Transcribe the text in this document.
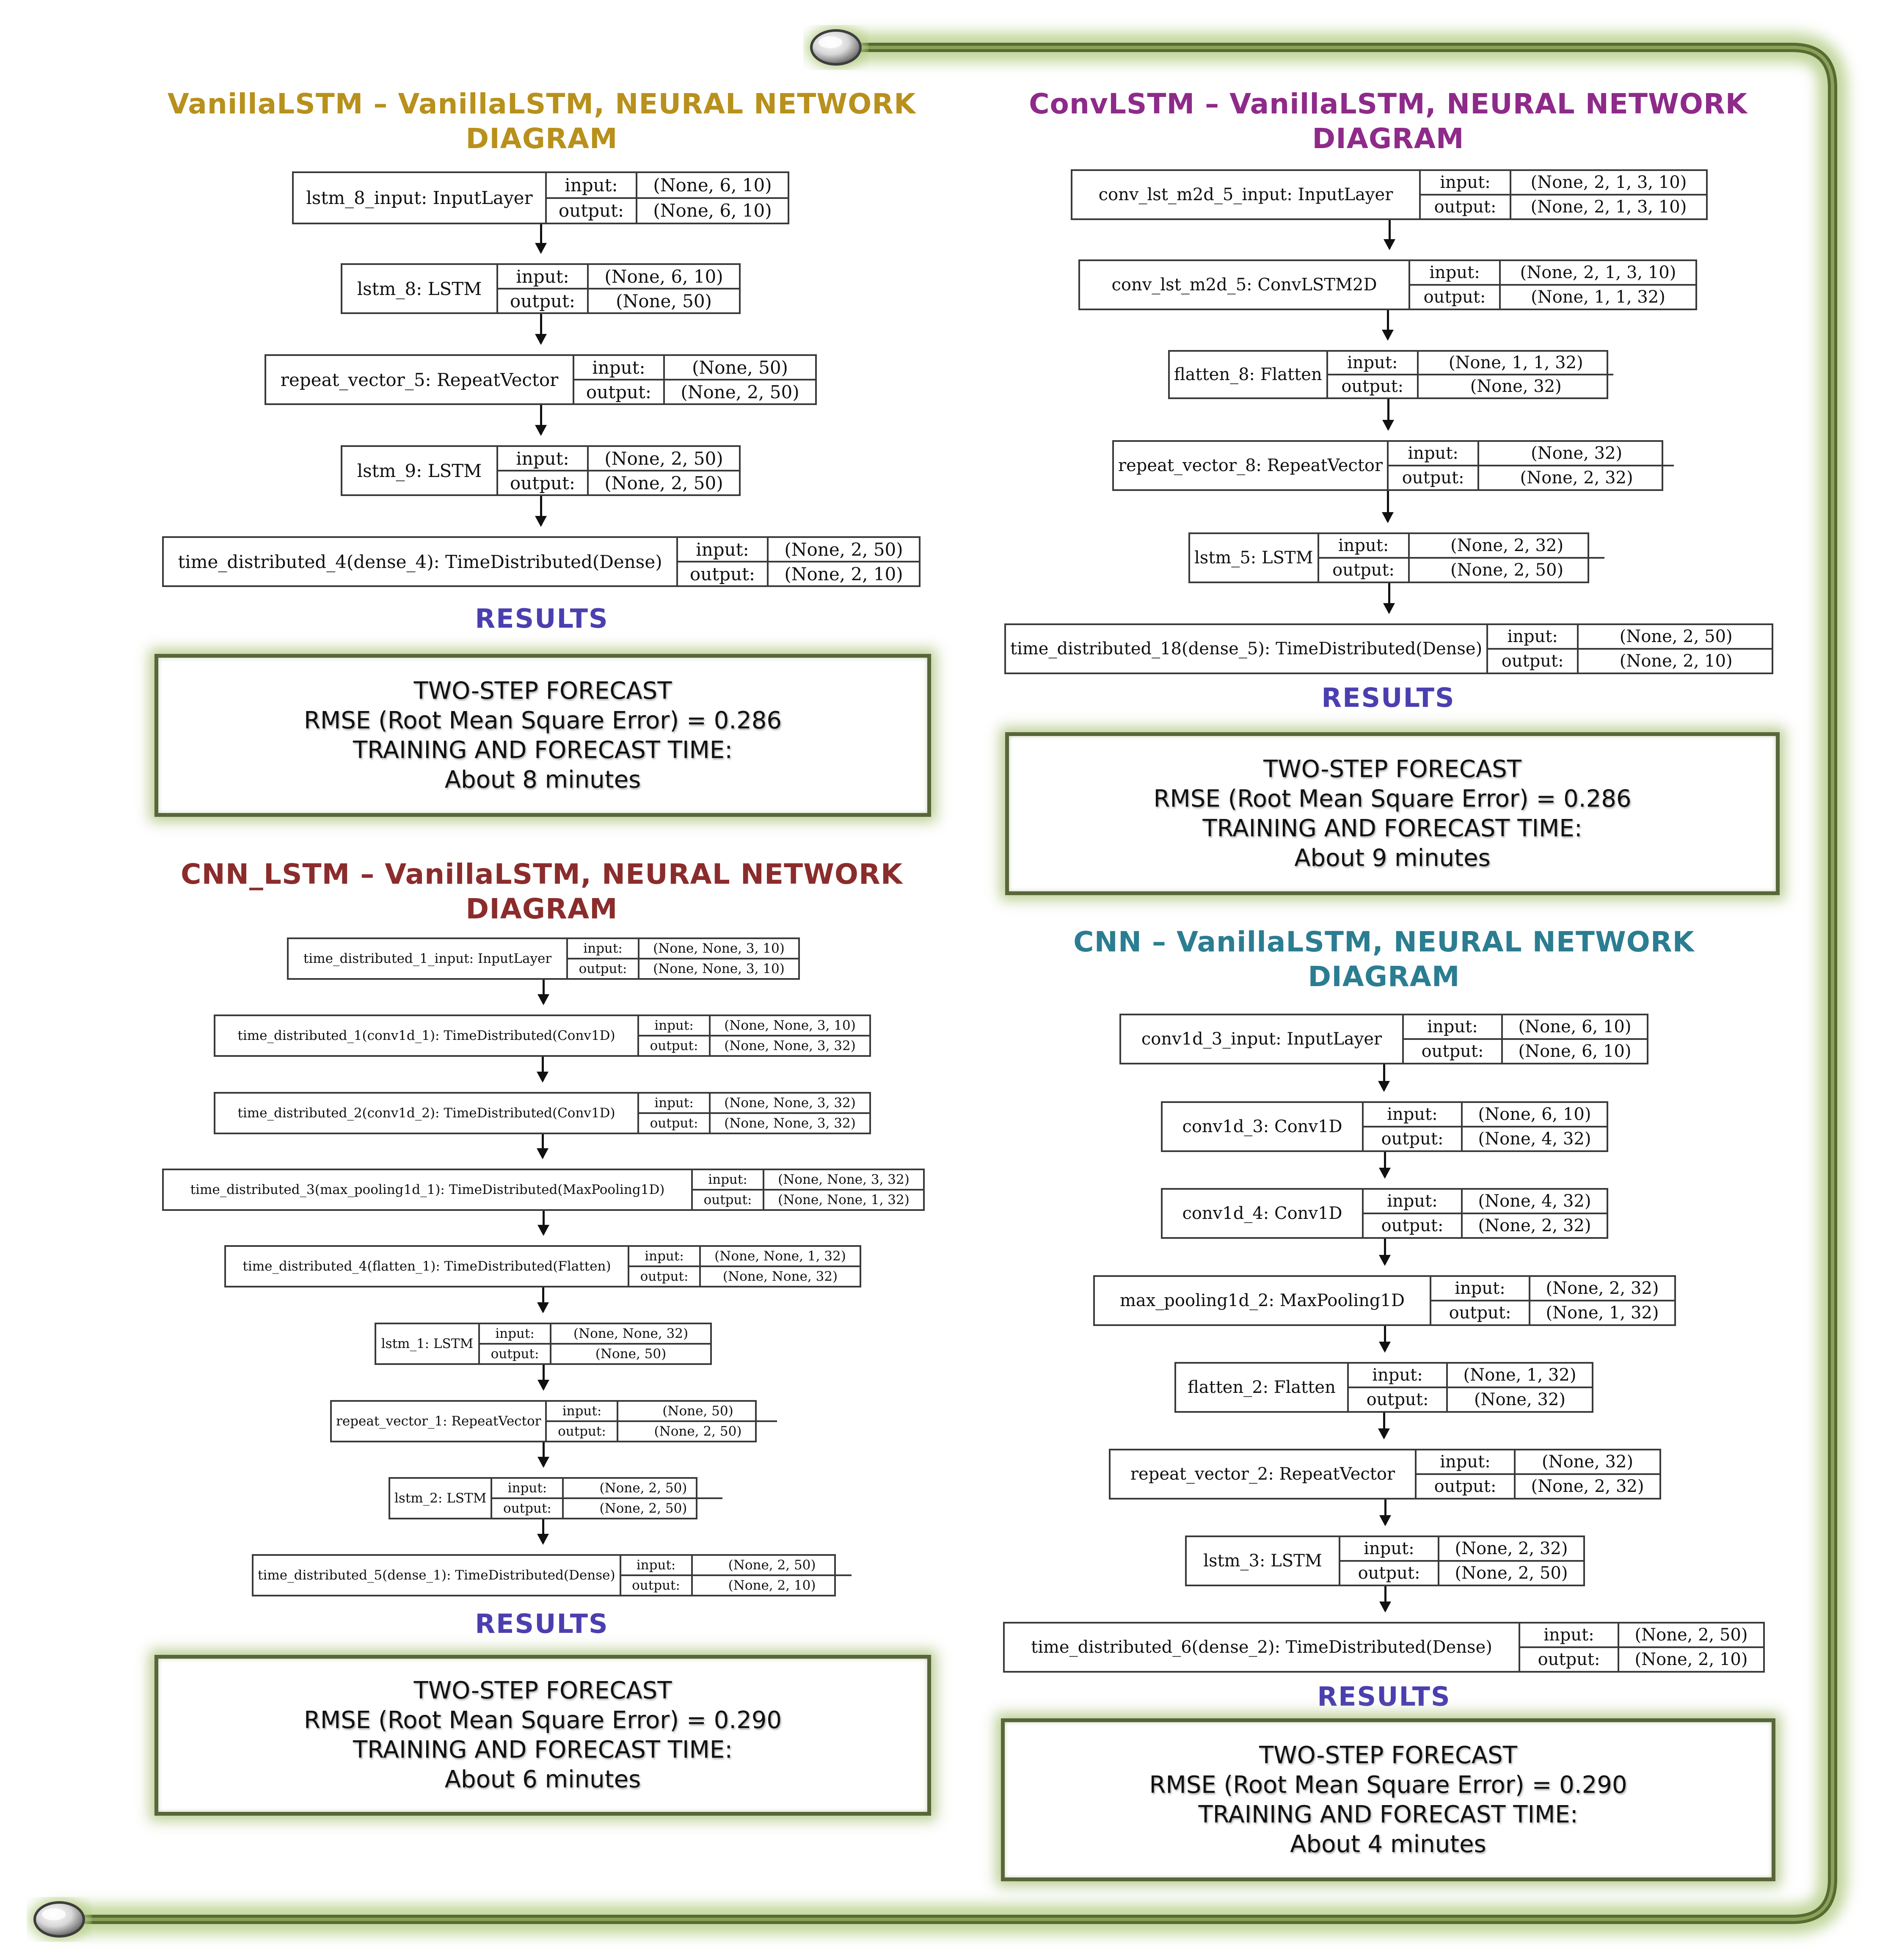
VanillaLSTM – VanillaLSTM, NEURAL NETWORK
DIAGRAM
lstm_8_input: InputLayer
input:	(None, 6, 10)
output:	(None, 6, 10)
lstm_8: LSTM
input:	(None, 6, 10)
output:	(None, 50)
repeat_vector_5: RepeatVector
input:	(None, 50)
output:	(None, 2, 50)
lstm_9: LSTM
input:	(None, 2, 50)
output:	(None, 2, 50)
time_distributed_4(dense_4): TimeDistributed(Dense)
input:	(None, 2, 50)
output:	(None, 2, 10)
RESULTS
TWO-STEP FORECAST
RMSE (Root Mean Square Error) = 0.286
TRAINING AND FORECAST TIME:
About 8 minutes
ConvLSTM – VanillaLSTM, NEURAL NETWORK
DIAGRAM
conv_lst_m2d_5_input: InputLayer
input:	(None, 2, 1, 3, 10)
output:	(None, 2, 1, 3, 10)
conv_lst_m2d_5: ConvLSTM2D
input:	(None, 2, 1, 3, 10)
output:	(None, 1, 1, 32)
flatten_8: Flatten
input:	(None, 1, 1, 32)
output:	(None, 32)
repeat_vector_8: RepeatVector
input:	(None, 32)
output:	(None, 2, 32)
lstm_5: LSTM
input:	(None, 2, 32)
output:	(None, 2, 50)
time_distributed_18(dense_5): TimeDistributed(Dense)
input:	(None, 2, 50)
output:	(None, 2, 10)
RESULTS
TWO-STEP FORECAST
RMSE (Root Mean Square Error) = 0.286
TRAINING AND FORECAST TIME:
About 9 minutes
CNN_LSTM – VanillaLSTM, NEURAL NETWORK
DIAGRAM
time_distributed_1_input: InputLayer
input:	(None, None, 3, 10)
output:	(None, None, 3, 10)
time_distributed_1(conv1d_1): TimeDistributed(Conv1D)
input:	(None, None, 3, 10)
output:	(None, None, 3, 32)
time_distributed_2(conv1d_2): TimeDistributed(Conv1D)
input:	(None, None, 3, 32)
output:	(None, None, 3, 32)
time_distributed_3(max_pooling1d_1): TimeDistributed(MaxPooling1D)
input:	(None, None, 3, 32)
output:	(None, None, 1, 32)
time_distributed_4(flatten_1): TimeDistributed(Flatten)
input:	(None, None, 1, 32)
output:	(None, None, 32)
lstm_1: LSTM
input:	(None, None, 32)
output:	(None, 50)
repeat_vector_1: RepeatVector
input:	(None, 50)
output:	(None, 2, 50)
lstm_2: LSTM
input:	(None, 2, 50)
output:	(None, 2, 50)
time_distributed_5(dense_1): TimeDistributed(Dense)
input:	(None, 2, 50)
output:	(None, 2, 10)
RESULTS
TWO-STEP FORECAST
RMSE (Root Mean Square Error) = 0.290
TRAINING AND FORECAST TIME:
About 6 minutes
CNN – VanillaLSTM, NEURAL NETWORK
DIAGRAM
conv1d_3_input: InputLayer
input:	(None, 6, 10)
output:	(None, 6, 10)
conv1d_3: Conv1D
input:	(None, 6, 10)
output:	(None, 4, 32)
conv1d_4: Conv1D
input:	(None, 4, 32)
output:	(None, 2, 32)
max_pooling1d_2: MaxPooling1D
input:	(None, 2, 32)
output:	(None, 1, 32)
flatten_2: Flatten
input:	(None, 1, 32)
output:	(None, 32)
repeat_vector_2: RepeatVector
input:	(None, 32)
output:	(None, 2, 32)
lstm_3: LSTM
input:	(None, 2, 32)
output:	(None, 2, 50)
time_distributed_6(dense_2): TimeDistributed(Dense)
input:	(None, 2, 50)
output:	(None, 2, 10)
RESULTS
TWO-STEP FORECAST
RMSE (Root Mean Square Error) = 0.290
TRAINING AND FORECAST TIME:
About 4 minutes
